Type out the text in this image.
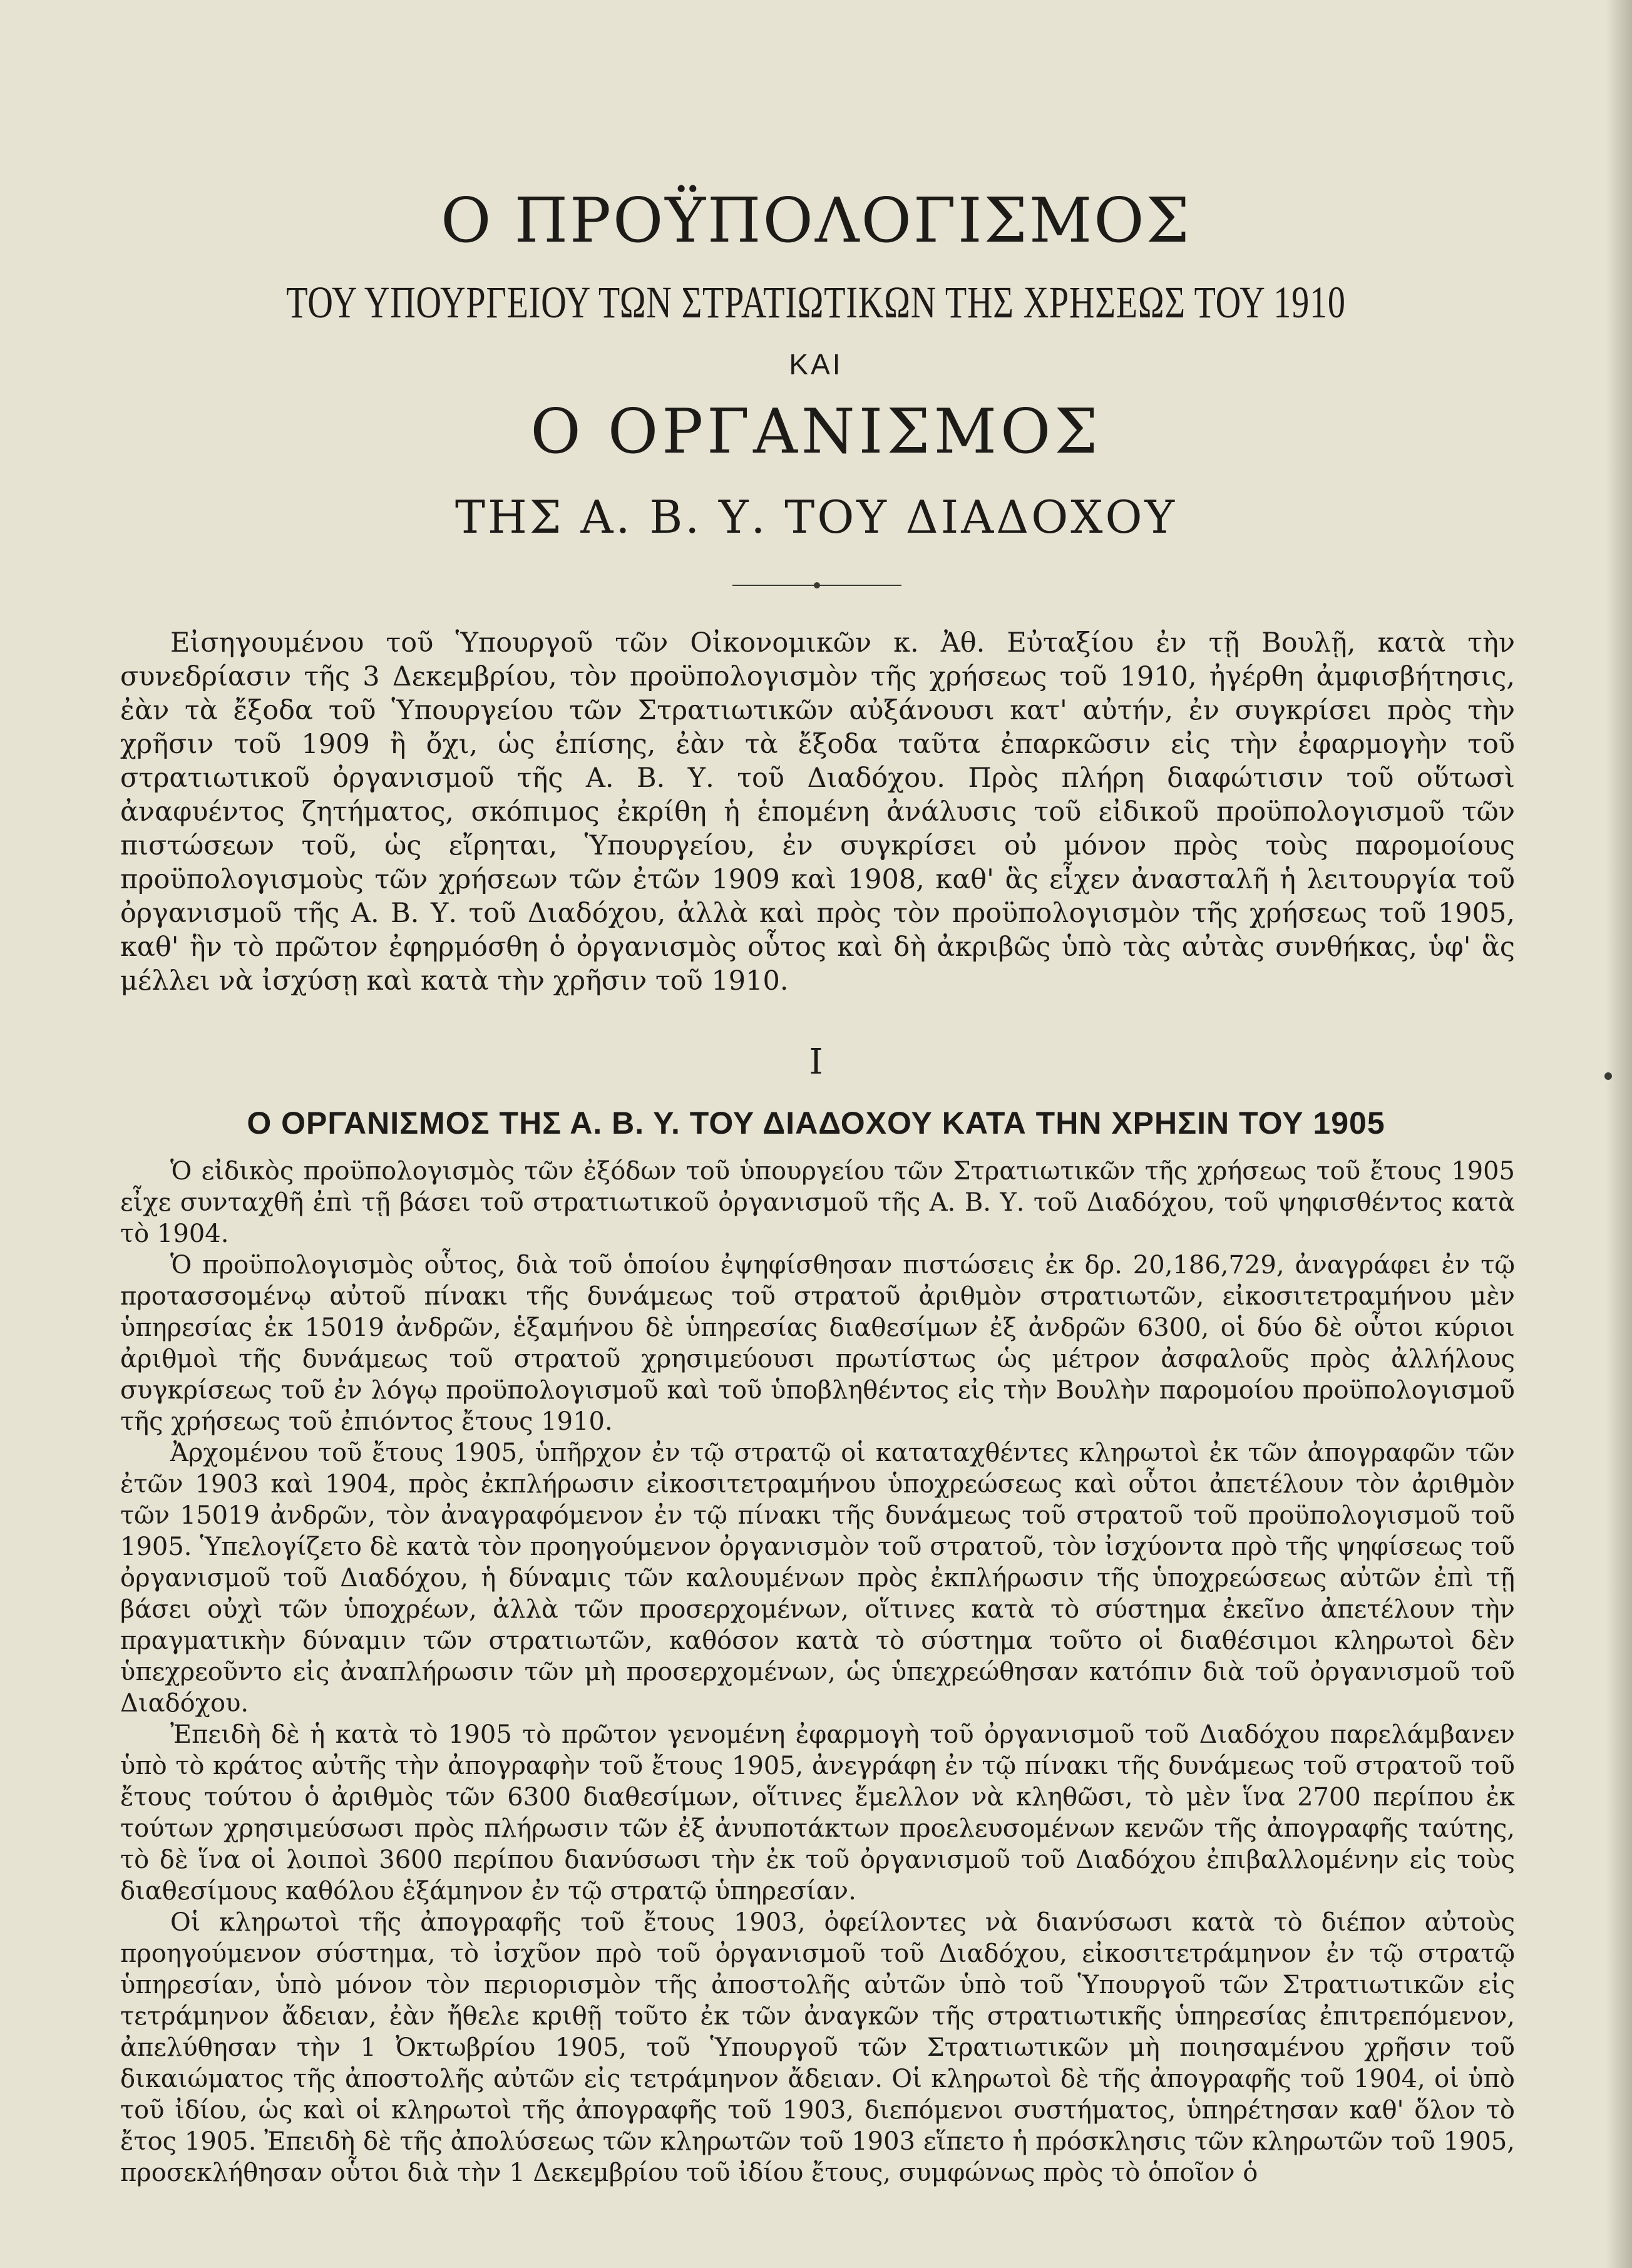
Ο ΠΡΟΫΠΟΛΟΓΙΣΜΟΣ
ΤΟΥ ΥΠΟΥΡΓΕΙΟΥ ΤΩΝ ΣΤΡΑΤΙΩΤΙΚΩΝ ΤΗΣ ΧΡΗΣΕΩΣ ΤΟΥ 1910
ΚΑΙ
Ο ΟΡΓΑΝΙΣΜΟΣ
ΤΗΣ Α. Β. Υ. ΤΟΥ ΔΙΑΔΟΧΟΥ

Εἰσηγουμένου τοῦ Ὑπουργοῦ τῶν Οἰκονομικῶν κ. Ἀθ. Εὐταξίου ἐν τῇ Βουλῇ, κατὰ τὴν συνεδρίασιν τῆς 3 Δεκεμβρίου, τὸν προϋπολογισμὸν τῆς χρήσεως τοῦ 1910, ἠγέρθη ἀμφισβήτησις, ἐὰν τὰ ἔξοδα τοῦ Ὑπουργείου τῶν Στρατιωτικῶν αὐξάνουσι κατ' αὐτήν, ἐν συγκρίσει πρὸς τὴν χρῆσιν τοῦ 1909 ἢ ὄχι, ὡς ἐπίσης, ἐὰν τὰ ἔξοδα ταῦτα ἐπαρκῶσιν εἰς τὴν ἐφαρμογὴν τοῦ στρατιωτικοῦ ὀργανισμοῦ τῆς Α. Β. Υ. τοῦ Διαδόχου. Πρὸς πλήρη διαφώτισιν τοῦ οὕτωσὶ ἀναφυέντος ζητήματος, σκόπιμος ἐκρίθη ἡ ἑπομένη ἀνάλυσις τοῦ εἰδικοῦ προϋπολογισμοῦ τῶν πιστώσεων τοῦ, ὡς εἴρηται, Ὑπουργείου, ἐν συγκρίσει οὐ μόνον πρὸς τοὺς παρομοίους προϋπολογισμοὺς τῶν χρήσεων τῶν ἐτῶν 1909 καὶ 1908, καθ' ἃς εἶχεν ἀνασταλῆ ἡ λειτουργία τοῦ ὀργανισμοῦ τῆς Α. Β. Υ. τοῦ Διαδόχου, ἀλλὰ καὶ πρὸς τὸν προϋπολογισμὸν τῆς χρήσεως τοῦ 1905, καθ' ἣν τὸ πρῶτον ἐφηρμόσθη ὁ ὀργανισμὸς οὗτος καὶ δὴ ἀκριβῶς ὑπὸ τὰς αὐτὰς συνθήκας, ὑφ' ἃς μέλλει νὰ ἰσχύσῃ καὶ κατὰ τὴν χρῆσιν τοῦ 1910.

I
Ο ΟΡΓΑΝΙΣΜΟΣ ΤΗΣ Α. Β. Υ. ΤΟΥ ΔΙΑΔΟΧΟΥ ΚΑΤΑ ΤΗΝ ΧΡΗΣΙΝ ΤΟΥ 1905

Ὁ εἰδικὸς προϋπολογισμὸς τῶν ἐξόδων τοῦ ὑπουργείου τῶν Στρατιωτικῶν τῆς χρήσεως τοῦ ἔτους 1905 εἶχε συνταχθῆ ἐπὶ τῇ βάσει τοῦ στρατιωτικοῦ ὀργανισμοῦ τῆς Α. Β. Υ. τοῦ Διαδόχου, τοῦ ψηφισθέντος κατὰ τὸ 1904.

Ὁ προϋπολογισμὸς οὗτος, διὰ τοῦ ὁποίου ἐψηφίσθησαν πιστώσεις ἐκ δρ. 20,186,729, ἀναγράφει ἐν τῷ προτασσομένῳ αὐτοῦ πίνακι τῆς δυνάμεως τοῦ στρατοῦ ἀριθμὸν στρατιωτῶν, εἰκοσιτετραμήνου μὲν ὑπηρεσίας ἐκ 15019 ἀνδρῶν, ἑξαμήνου δὲ ὑπηρεσίας διαθεσίμων ἐξ ἀνδρῶν 6300, οἱ δύο δὲ οὗτοι κύριοι ἀριθμοὶ τῆς δυνάμεως τοῦ στρατοῦ χρησιμεύουσι πρωτίστως ὡς μέτρον ἀσφαλοῦς πρὸς ἀλλήλους συγκρίσεως τοῦ ἐν λόγῳ προϋπολογισμοῦ καὶ τοῦ ὑποβληθέντος εἰς τὴν Βουλὴν παρομοίου προϋπολογισμοῦ τῆς χρήσεως τοῦ ἐπιόντος ἔτους 1910.

Ἀρχομένου τοῦ ἔτους 1905, ὑπῆρχον ἐν τῷ στρατῷ οἱ καταταχθέντες κληρωτοὶ ἐκ τῶν ἀπογραφῶν τῶν ἐτῶν 1903 καὶ 1904, πρὸς ἐκπλήρωσιν εἰκοσιτετραμήνου ὑποχρεώσεως καὶ οὗτοι ἀπετέλουν τὸν ἀριθμὸν τῶν 15019 ἀνδρῶν, τὸν ἀναγραφόμενον ἐν τῷ πίνακι τῆς δυνάμεως τοῦ στρατοῦ τοῦ προϋπολογισμοῦ τοῦ 1905. Ὑπελογίζετο δὲ κατὰ τὸν προηγούμενον ὀργανισμὸν τοῦ στρατοῦ, τὸν ἰσχύοντα πρὸ τῆς ψηφίσεως τοῦ ὀργανισμοῦ τοῦ Διαδόχου, ἡ δύναμις τῶν καλουμένων πρὸς ἐκπλήρωσιν τῆς ὑποχρεώσεως αὐτῶν ἐπὶ τῇ βάσει οὐχὶ τῶν ὑποχρέων, ἀλλὰ τῶν προσερχομένων, οἵτινες κατὰ τὸ σύστημα ἐκεῖνο ἀπετέλουν τὴν πραγματικὴν δύναμιν τῶν στρατιωτῶν, καθόσον κατὰ τὸ σύστημα τοῦτο οἱ διαθέσιμοι κληρωτοὶ δὲν ὑπεχρεοῦντο εἰς ἀναπλήρωσιν τῶν μὴ προσερχομένων, ὡς ὑπεχρεώθησαν κατόπιν διὰ τοῦ ὀργανισμοῦ τοῦ Διαδόχου.

Ἐπειδὴ δὲ ἡ κατὰ τὸ 1905 τὸ πρῶτον γενομένη ἐφαρμογὴ τοῦ ὀργανισμοῦ τοῦ Διαδόχου παρελάμβανεν ὑπὸ τὸ κράτος αὐτῆς τὴν ἀπογραφὴν τοῦ ἔτους 1905, ἀνεγράφη ἐν τῷ πίνακι τῆς δυνάμεως τοῦ στρατοῦ τοῦ ἔτους τούτου ὁ ἀριθμὸς τῶν 6300 διαθεσίμων, οἵτινες ἔμελλον νὰ κληθῶσι, τὸ μὲν ἵνα 2700 περίπου ἐκ τούτων χρησιμεύσωσι πρὸς πλήρωσιν τῶν ἐξ ἀνυποτάκτων προελευσομένων κενῶν τῆς ἀπογραφῆς ταύτης, τὸ δὲ ἵνα οἱ λοιποὶ 3600 περίπου διανύσωσι τὴν ἐκ τοῦ ὀργανισμοῦ τοῦ Διαδόχου ἐπιβαλλομένην εἰς τοὺς διαθεσίμους καθόλου ἑξάμηνον ἐν τῷ στρατῷ ὑπηρεσίαν.

Οἱ κληρωτοὶ τῆς ἀπογραφῆς τοῦ ἔτους 1903, ὀφείλοντες νὰ διανύσωσι κατὰ τὸ διέπον αὐτοὺς προηγούμενον σύστημα, τὸ ἰσχῦον πρὸ τοῦ ὀργανισμοῦ τοῦ Διαδόχου, εἰκοσιτετράμηνον ἐν τῷ στρατῷ ὑπηρεσίαν, ὑπὸ μόνον τὸν περιορισμὸν τῆς ἀποστολῆς αὐτῶν ὑπὸ τοῦ Ὑπουργοῦ τῶν Στρατιωτικῶν εἰς τετράμηνον ἄδειαν, ἐὰν ἤθελε κριθῇ τοῦτο ἐκ τῶν ἀναγκῶν τῆς στρατιωτικῆς ὑπηρεσίας ἐπιτρεπόμενον, ἀπελύθησαν τὴν 1 Ὀκτωβρίου 1905, τοῦ Ὑπουργοῦ τῶν Στρατιωτικῶν μὴ ποιησαμένου χρῆσιν τοῦ δικαιώματος τῆς ἀποστολῆς αὐτῶν εἰς τετράμηνον ἄδειαν. Οἱ κληρωτοὶ δὲ τῆς ἀπογραφῆς τοῦ 1904, οἱ ὑπὸ τοῦ ἰδίου, ὡς καὶ οἱ κληρωτοὶ τῆς ἀπογραφῆς τοῦ 1903, διεπόμενοι συστήματος, ὑπηρέτησαν καθ' ὅλον τὸ ἔτος 1905. Ἐπειδὴ δὲ τῆς ἀπολύσεως τῶν κληρωτῶν τοῦ 1903 εἵπετο ἡ πρόσκλησις τῶν κληρωτῶν τοῦ 1905, προσεκλήθησαν οὗτοι διὰ τὴν 1 Δεκεμβρίου τοῦ ἰδίου ἔτους, συμφώνως πρὸς τὸ ὁποῖον ὁ
